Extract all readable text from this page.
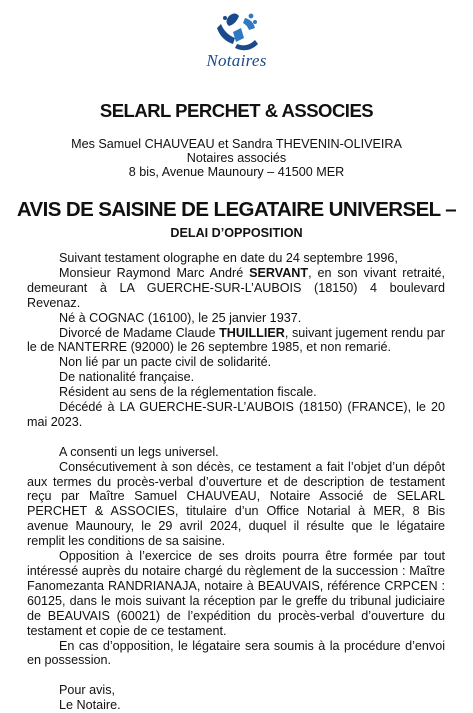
Notaires
SELARL PERCHET & ASSOCIES
Mes Samuel CHAUVEAU et Sandra THEVENIN-OLIVEIRA
Notaires associés
8 bis, Avenue Maunoury – 41500 MER
AVIS DE SAISINE DE LEGATAIRE UNIVERSEL –
DELAI D’OPPOSITION

Suivant testament olographe en date du 24 septembre 1996,

Monsieur Raymond Marc André SERVANT, en son vivant retraité, demeurant à LA GUERCHE-SUR-L’AUBOIS (18150) 4 boulevard Revenaz.

Né à COGNAC (16100), le 25 janvier 1937.

Divorcé de Madame Claude THUILLIER, suivant jugement rendu par le de NANTERRE (92000) le 26 septembre 1985, et non remarié.

Non lié par un pacte civil de solidarité.

De nationalité française.

Résident au sens de la réglementation fiscale.

Décédé à LA GUERCHE-SUR-L’AUBOIS (18150) (FRANCE), le 20 mai 2023.

A consenti un legs universel.

Consécutivement à son décès, ce testament a fait l’objet d’un dépôt aux termes du procès-verbal d’ouverture et de description de testament reçu par Maître Samuel CHAUVEAU, Notaire Associé de SELARL PERCHET & ASSOCIES, titulaire d’un Office Notarial à MER, 8 Bis avenue Maunoury, le 29 avril 2024, duquel il résulte que le légataire remplit les conditions de sa saisine.

Opposition à l’exercice de ses droits pourra être formée par tout intéressé auprès du notaire chargé du règlement de la succession : Maître Fanomezanta RANDRIANAJA, notaire à BEAUVAIS, référence CRPCEN : 60125, dans le mois suivant la réception par le greffe du tribunal judiciaire de BEAUVAIS (60021) de l’expédition du procès-verbal d’ouverture du testament et copie de ce testament.

En cas d’opposition, le légataire sera soumis à la procédure d’envoi en possession.

Pour avis,

Le Notaire.
